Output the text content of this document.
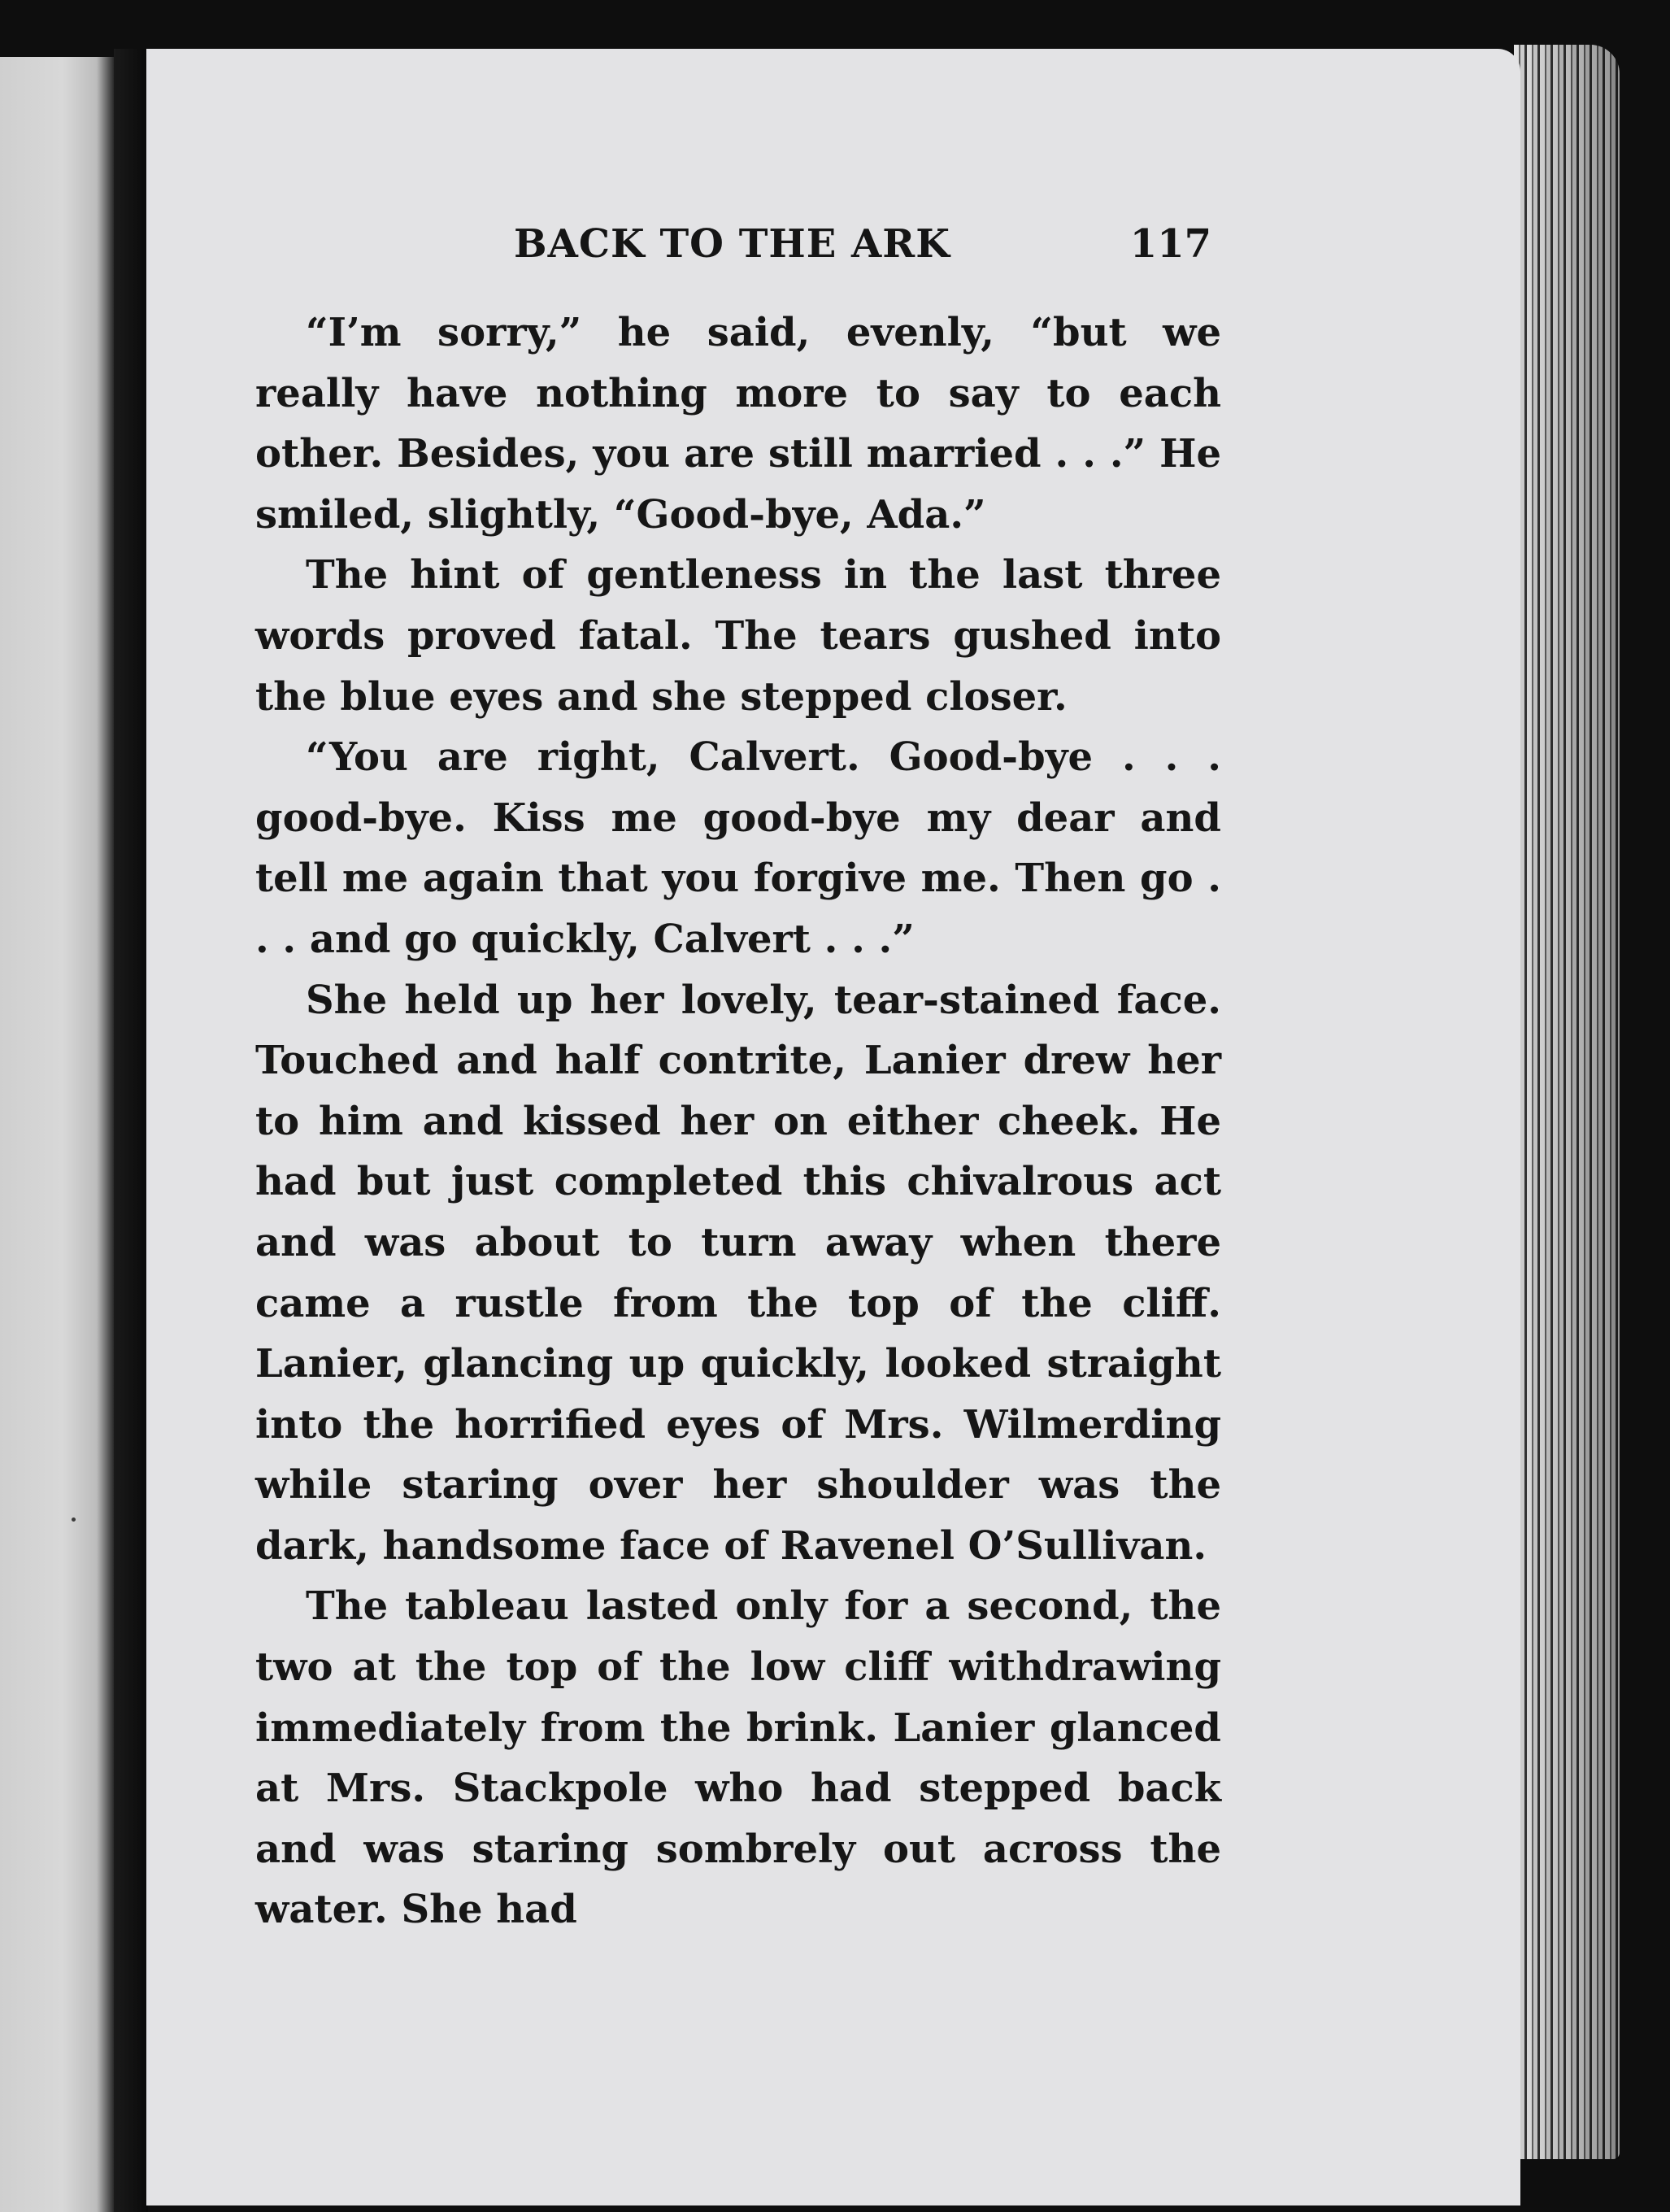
BACK TO THE ARK	117

“I’m sorry,” he said, evenly, “but we really have nothing more to say to each other. Besides, you are still married . . .” He smiled, slightly, “Good-bye, Ada.”

The hint of gentleness in the last three words proved fatal. The tears gushed into the blue eyes and she stepped closer.

“You are right, Calvert. Good-bye . . . good-bye. Kiss me good-bye my dear and tell me again that you forgive me. Then go . . . and go quickly, Calvert . . .”

She held up her lovely, tear-stained face. Touched and half contrite, Lanier drew her to him and kissed her on either cheek. He had but just completed this chivalrous act and was about to turn away when there came a rustle from the top of the cliff. Lanier, glancing up quickly, looked straight into the horrified eyes of Mrs. Wilmerding while staring over her shoulder was the dark, handsome face of Ravenel O’Sullivan.

The tableau lasted only for a second, the two at the top of the low cliff withdrawing immediately from the brink. Lanier glanced at Mrs. Stackpole who had stepped back and was staring sombrely out across the water. She had
